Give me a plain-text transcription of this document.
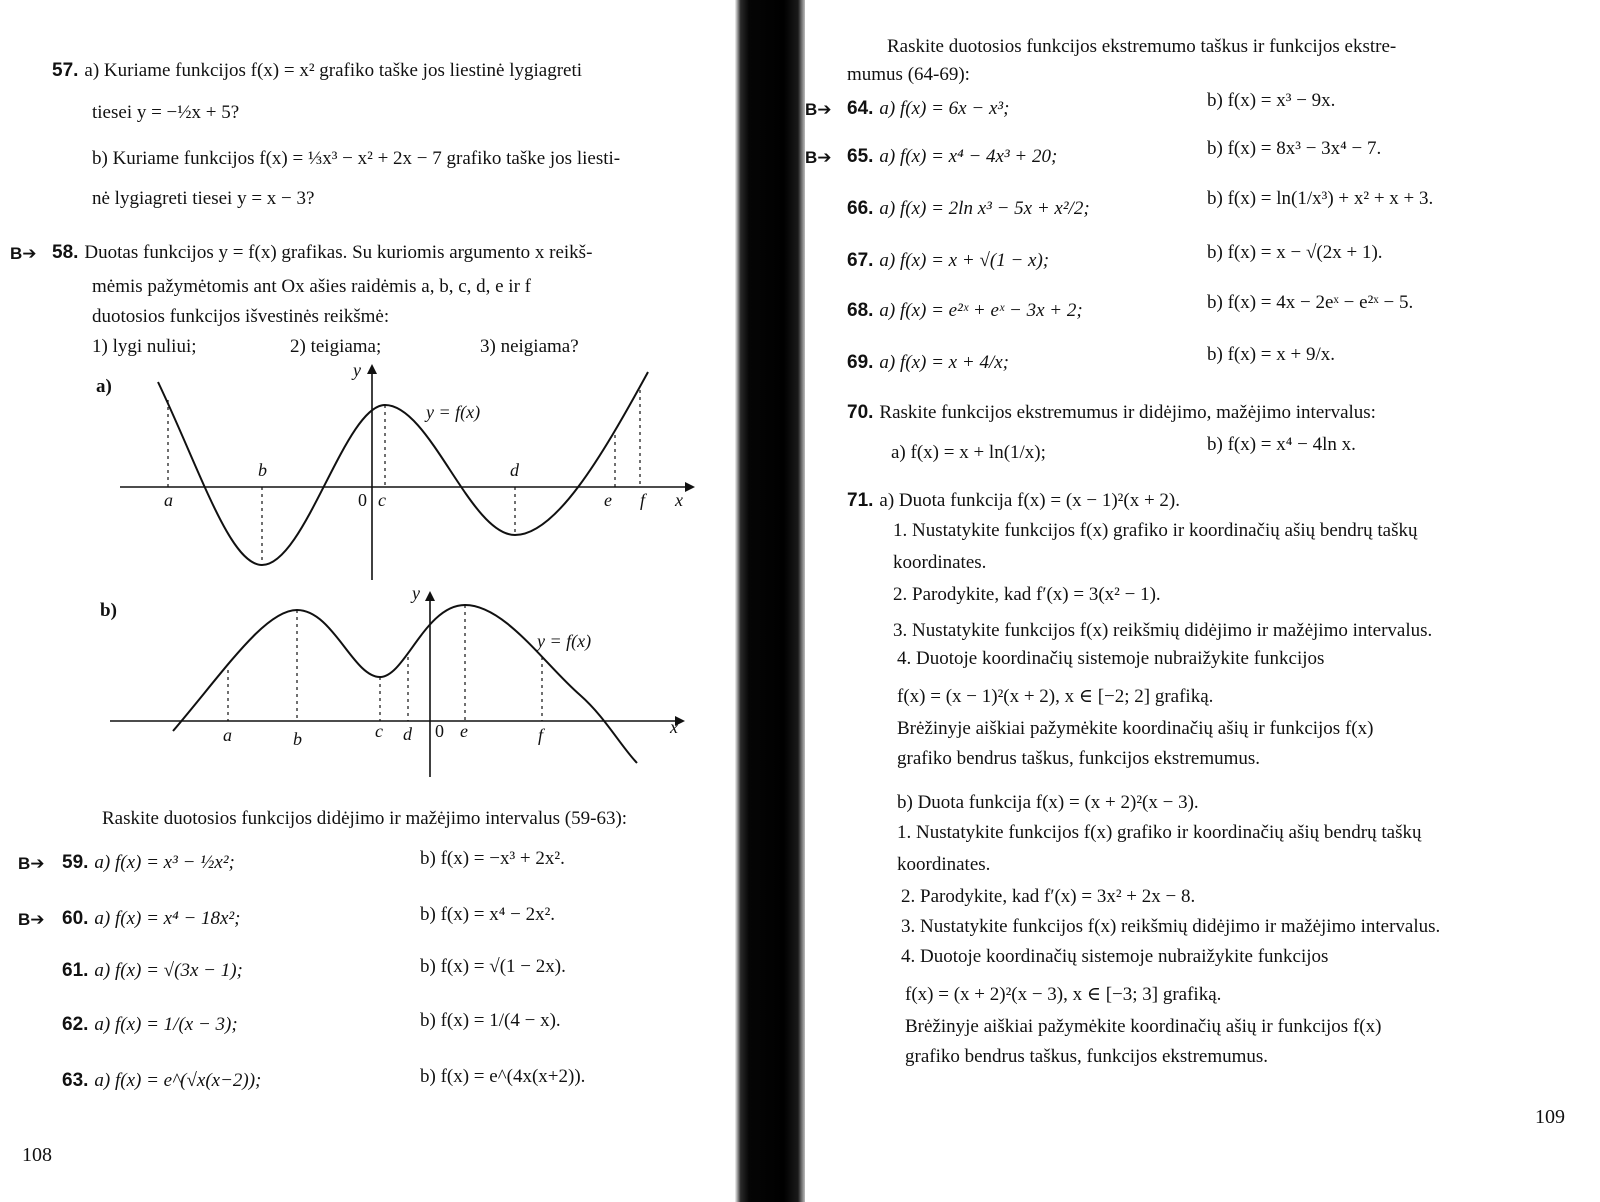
57. a) Kuriame funkcijos f(x) = x² grafiko taške jos liestinė lygiagreti
tiesei y = −½x + 5?
b) Kuriame funkcijos f(x) = ⅓x³ − x² + 2x − 7 grafiko taške jos liesti-
nė lygiagreti tiesei y = x − 3?
B➔ 58. Duotas funkcijos y = f(x) grafikas. Su kuriomis argumento x reikš-
mėmis pažymėtomis ant Ox ašies raidėmis a, b, c, d, e ir f
duotosios funkcijos išvestinės reikšmė:
1) lygi nuliui;	2) teigiama;	3) neigiama?
a)
a
b
c
d
e f x
y
0
y = f(x)
b)
a	b	c d	e	f	x
y
0
y = f(x)
Raskite duotosios funkcijos didėjimo ir mažėjimo intervalus (59-63):
B➔ 59. a) f(x) = x³ − ½x²;	b) f(x) = −x³ + 2x².
B➔ 60. a) f(x) = x⁴ − 18x²;	b) f(x) = x⁴ − 2x².
61. a) f(x) = √(3x − 1);	b) f(x) = √(1 − 2x).
62. a) f(x) = 1/(x − 3);	b) f(x) = 1/(4 − x).
63. a) f(x) = e^(√x(x−2));	b) f(x) = e^(4x(x+2)).
108
Raskite duotosios funkcijos ekstremumo taškus ir funkcijos ekstre-
mumus (64-69):
B➔ 64. a) f(x) = 6x − x³;	b) f(x) = x³ − 9x.
B➔ 65. a) f(x) = x⁴ − 4x³ + 20;	b) f(x) = 8x³ − 3x⁴ − 7.
66. a) f(x) = 2ln x³ − 5x + x²/2;	b) f(x) = ln(1/x³) + x² + x + 3.
67. a) f(x) = x + √(1 − x);	b) f(x) = x − √(2x + 1).
68. a) f(x) = e²ˣ + eˣ − 3x + 2;	b) f(x) = 4x − 2eˣ − e²ˣ − 5.
69. a) f(x) = x + 4/x;	b) f(x) = x + 9/x.
70. Raskite funkcijos ekstremumus ir didėjimo, mažėjimo intervalus:
a) f(x) = x + ln(1/x);	b) f(x) = x⁴ − 4ln x.
71. a) Duota funkcija f(x) = (x − 1)²(x + 2).
1. Nustatykite funkcijos f(x) grafiko ir koordinačių ašių bendrų taškų
koordinates.
2. Parodykite, kad f′(x) = 3(x² − 1).
3. Nustatykite funkcijos f(x) reikšmių didėjimo ir mažėjimo intervalus.
4. Duotoje koordinačių sistemoje nubraižykite funkcijos
f(x) = (x − 1)²(x + 2), x ∈ [−2; 2] grafiką.
Brėžinyje aiškiai pažymėkite koordinačių ašių ir funkcijos f(x)
grafiko bendrus taškus, funkcijos ekstremumus.
b) Duota funkcija f(x) = (x + 2)²(x − 3).
1. Nustatykite funkcijos f(x) grafiko ir koordinačių ašių bendrų taškų
koordinates.
2. Parodykite, kad f′(x) = 3x² + 2x − 8.
3. Nustatykite funkcijos f(x) reikšmių didėjimo ir mažėjimo intervalus.
4. Duotoje koordinačių sistemoje nubraižykite funkcijos
f(x) = (x + 2)²(x − 3), x ∈ [−3; 3] grafiką.
Brėžinyje aiškiai pažymėkite koordinačių ašių ir funkcijos f(x)
grafiko bendrus taškus, funkcijos ekstremumus.
109
